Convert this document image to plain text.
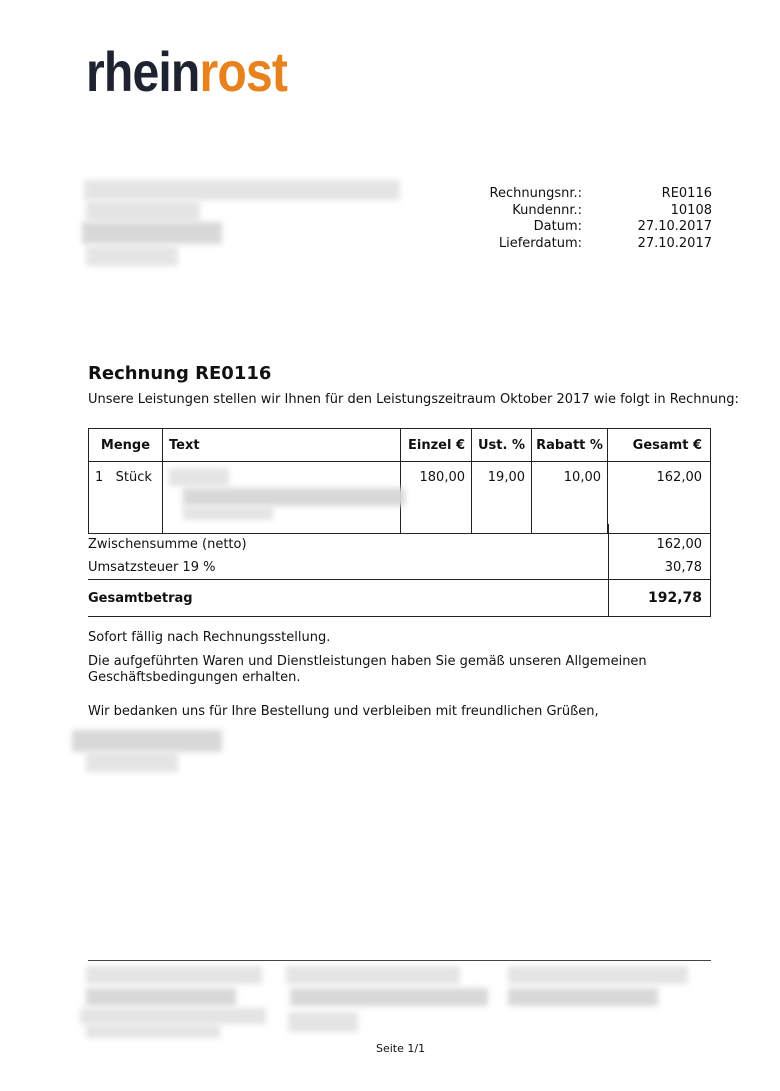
rheinrost
Rechnungsnr.:	RE0116
Kundennr.:	10108
Datum:	27.10.2017
Lieferdatum:	27.10.2017
Rechnung RE0116
Unsere Leistungen stellen wir Ihnen für den Leistungszeitraum Oktober 2017 wie folgt in Rechnung:
Menge	Text	Einzel €	Ust. %	Rabatt %	Gesamt €
1   Stück		180,00	19,00	10,00	162,00
Zwischensumme (netto)	162,00
Umsatzsteuer 19 %	30,78
Gesamtbetrag	192,78
Sofort fällig nach Rechnungsstellung.
Die aufgeführten Waren und Dienstleistungen haben Sie gemäß unseren Allgemeinen
Geschäftsbedingungen erhalten.
Wir bedanken uns für Ihre Bestellung und verbleiben mit freundlichen Grüßen,
Seite 1/1
